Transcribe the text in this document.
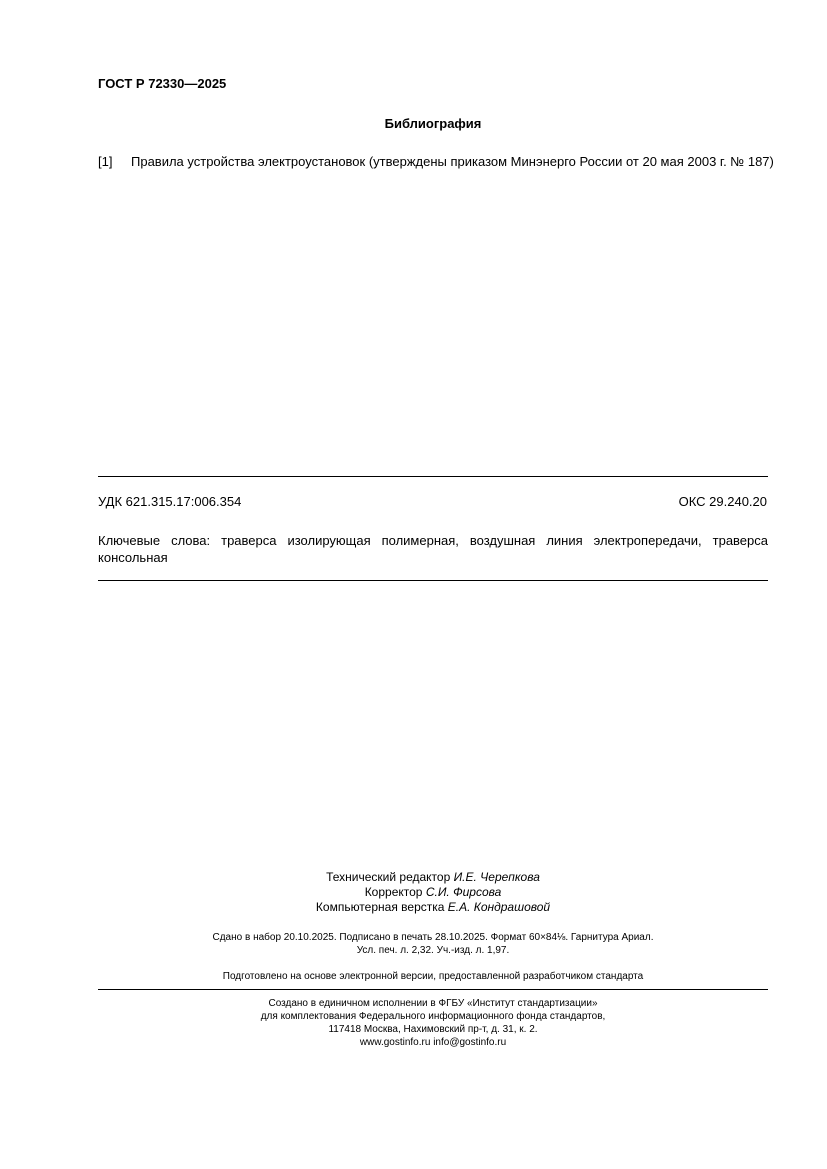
ГОСТ Р 72330—2025
Библиография
[1] Правила устройства электроустановок (утверждены приказом Минэнерго России от 20 мая 2003 г. № 187)
УДК 621.315.17:006.354	ОКС 29.240.20
Ключевые слова: траверса изолирующая полимерная, воздушная линия электропередачи, траверса
консольная
Технический редактор И.Е. Черепкова
Корректор С.И. Фирсова
Компьютерная верстка Е.А. Кондрашовой
Сдано в набор 20.10.2025. Подписано в печать 28.10.2025. Формат 60×84⅛. Гарнитура Ариал.
Усл. печ. л. 2,32. Уч.-изд. л. 1,97.
Подготовлено на основе электронной версии, предоставленной разработчиком стандарта
Создано в единичном исполнении в ФГБУ «Институт стандартизации»
для комплектования Федерального информационного фонда стандартов,
117418 Москва, Нахимовский пр-т, д. 31, к. 2.
www.gostinfo.ru info@gostinfo.ru
